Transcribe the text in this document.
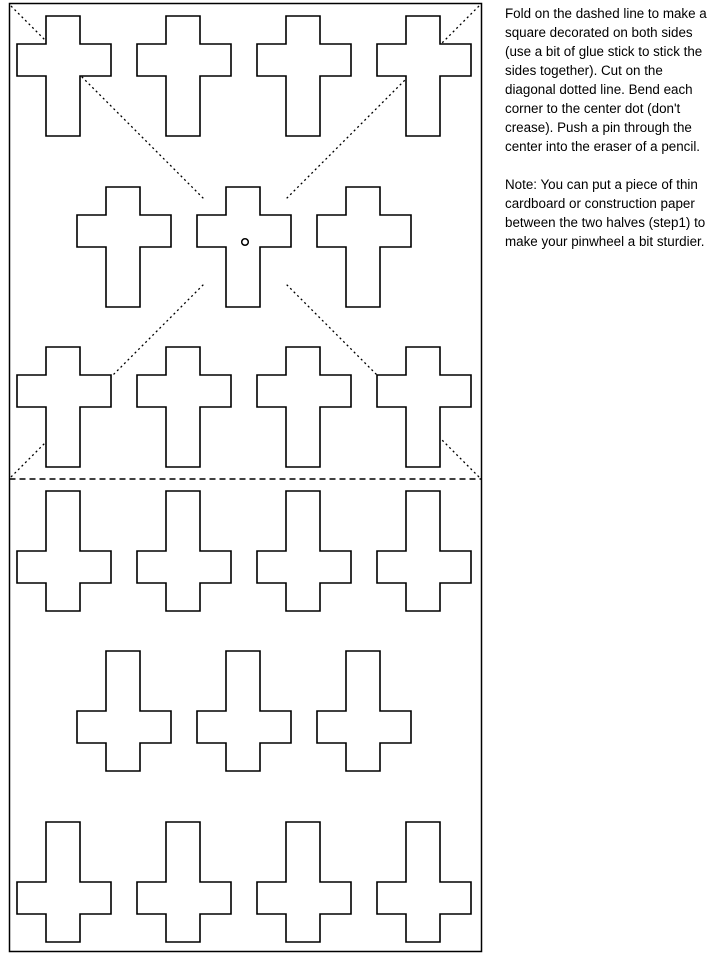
Fold on the dashed line to make a square decorated on both sides (use a bit of glue stick to stick the sides together). Cut on the diagonal dotted line. Bend each corner to the center dot (don't crease). Push a pin through the center into the eraser of a pencil.

Note: You can put a piece of thin cardboard or construction paper between the two halves (step1) to make your pinwheel a bit sturdier.
